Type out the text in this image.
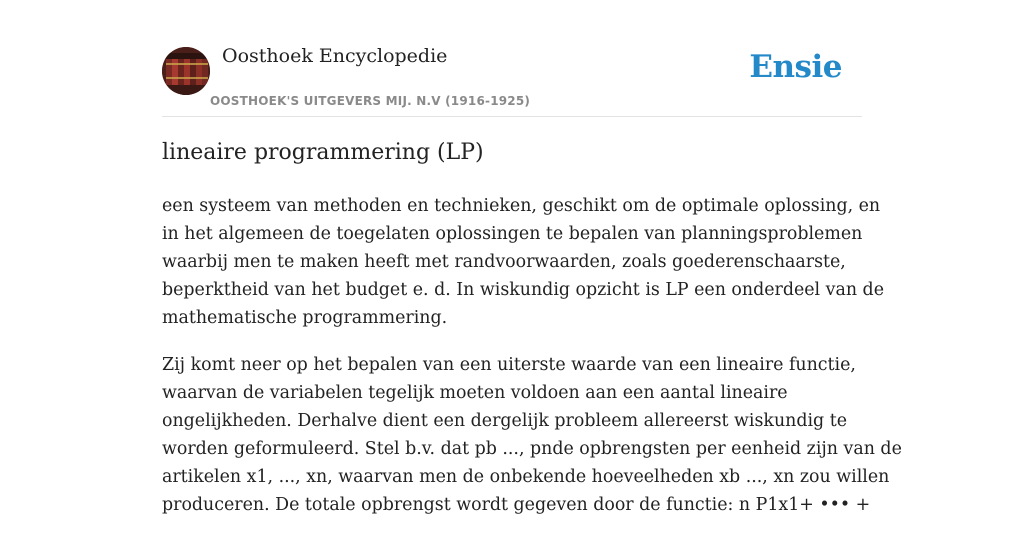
Oosthoek Encyclopedie
OOSTHOEK'S UITGEVERS MIJ. N.V (1916-1925)
Ensie
lineaire programmering (LP)

een systeem van methoden en technieken, geschikt om de optimale oplossing, en
in het algemeen de toegelaten oplossingen te bepalen van planningsproblemen
waarbij men te maken heeft met randvoorwaarden, zoals goederenschaarste,
beperktheid van het budget e. d. In wiskundig opzicht is LP een onderdeel van de
mathematische programmering.

Zij komt neer op het bepalen van een uiterste waarde van een lineaire functie,
waarvan de variabelen tegelijk moeten voldoen aan een aantal lineaire
ongelijkheden. Derhalve dient een dergelijk probleem allereerst wiskundig te
worden geformuleerd. Stel b.v. dat pb ..., pnde opbrengsten per eenheid zijn van de
artikelen x1, ..., xn, waarvan men de onbekende hoeveelheden xb ..., xn zou willen
produceren. De totale opbrengst wordt gegeven door de functie: n P1x1+ ••• +
